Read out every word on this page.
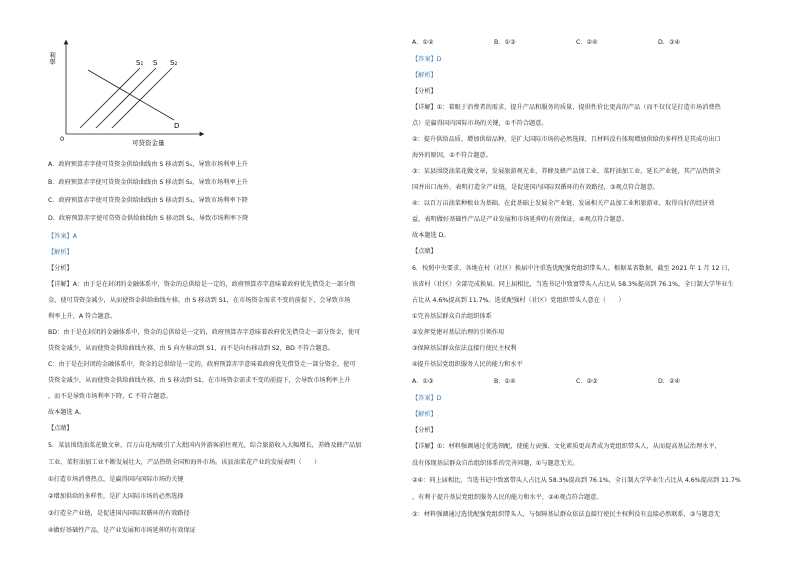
利率
可贷资金量
0
S₁ S S₂
D
A．政府预算赤字使可贷资金供给曲线由 S 移动到 S₁，导致市场利率上升
B．政府预算赤字使可贷资金供给曲线由 S 移动到 S₂，导致市场利率上升
C．政府预算赤字使可贷资金供给曲线由 S 移动到 S₁，导致市场利率下降
D．政府预算赤字使可贷资金供给曲线由 S 移动到 S₂，导致市场利率下降
【答案】A
【解析】
【分析】
【详解】A：由于是在封闭的金融体系中，资金的总供给是一定的，政府预算赤字意味着政府优先借贷走一部分资
金，使可贷资金减少，从而使资金供给曲线左移，由 S 移动到 S1，在市场资金需求不变的前提下，会导致市场
利率上升，A 符合题意。
BD：由于是在封闭的金融体系中，资金的总供给是一定的，政府预算赤字意味着政府优先借贷走一部分资金，使可
贷资金减少，从而使资金供给曲线左移，由 S 向左移动到 S1，而不是向右移动到 S2，BD 不符合题意。
C：由于是在封闭的金融体系中，资金的总供给是一定的，政府预算赤字意味着政府优先借贷走一部分资金，使可
贷资金减少，从而使资金供给曲线左移，由 S 移动到 S1，在市场资金需求不变的前提下，会导致市场利率上升
，而不是导致市场利率下降，C 不符合题意。
故本题选 A。
【点睛】
5．某县围绕油菜花做文章，百万亩花海吸引了大批国内外游客前往观光，综合旅游收入大幅增长，养蜂及蜂产品加
工业、菜籽油加工业不断发展壮大，产品热销全国和海外市场。该县油菜花产业的发展表明（　　）
①打造市场消费热点，是赢得国内国际市场的关键
②增加供给的多样性，是扩大国际市场的必然选择
③打造全产业链，是促进国内国际双循环的有效路径
④做好基础性产品，是产业发展和市场延伸的有效保证
A．①②	B．①③	C．②④	D．③④
【答案】D
【解析】
【分析】
【详解】①：着眼于消费者的需求，提升产品和服务的质量，提供性价比更高的产品（而不仅仅是打造市场消费热
点）是赢得国内国际市场的关键，①不符合题意。
②：提升供给品质、增加供给品种，是扩大国际市场的必然选择，且材料没有体现增加供给的多样性是其成功出口
海外的原因，②不符合题意。
③：某县围绕油菜花做文章，发展旅游观光业，养蜂及蜂产品加工业、菜籽油加工业，延长产业链，其产品热销全
国并出口海外，表明打造全产业链，是促进国内国际双循环的有效路径，③观点符合题意。
④：以百万亩油菜种植业为基础，在此基础上发展全产业链，发展相关产品加工业和旅游业，取得良好的经济效
益，表明做好基础性产品是产业发展和市场延伸的有效保证，④观点符合题意。
故本题选 D。
【点睛】
6．按照中央要求，各地在村（社区）换届中注重选优配强党组织带头人。根据某省数据，截至 2021 年 1 月 12 日，
该省村（社区）全部完成换届。同上届相比，当选书记中致富带头人占比从 58.3%提高到 76.1%，全日制大学毕业生
占比从 4.6%提高到 11.7%。选优配强村（社区）党组织带头人意在（　　）
①完善基层群众自治组织体系
②发挥党建对基层治理的引领作用
③保障基层群众依法直接行使民主权利
④提升基层党组织服务人民的能力和水平
A．①③	B．①④	C．②③	D．②④
【答案】D
【解析】
【分析】
【详解】①：材料强调通过优选领配，使能力贡强、文化素质更高者成为党组织带头人，从而提高基层治理水平，
没有体现基层群众自治组织体系的完善问题，①与题意无关。
②④：同上届相比，当选书记中致富带头人占比从 58.3%提高到 76.1%，全日制大学毕业生占比从 4.6%提高到 11.7%
，有利于提升基层党组织服务人民的能力和水平，②④观点符合题意。
③：材料强调通过选优配强党组织带头人，与保障基层群众依法直接行使民主权利没有直接必然联系，③与题意无
